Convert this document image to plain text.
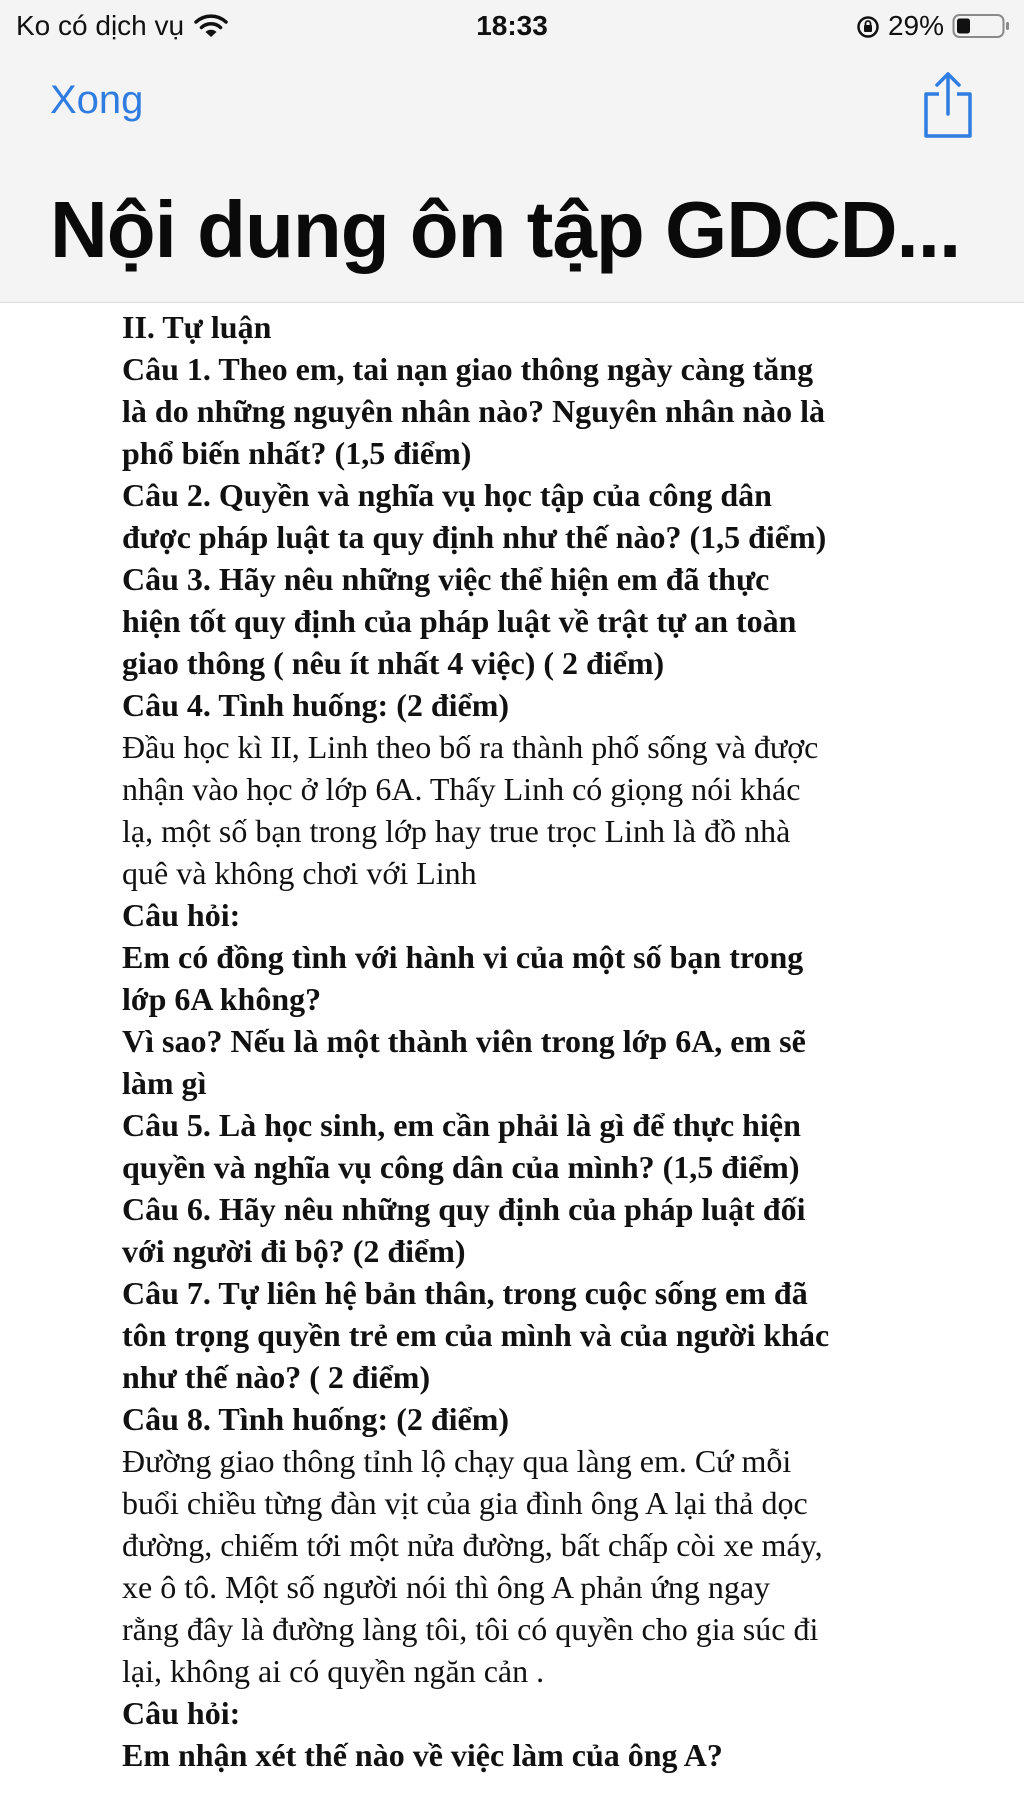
Ko có dịch vụ	18:33	29%
Xong
Nội dung ôn tập GDCD...
II. Tự luận
Câu 1. Theo em, tai nạn giao thông ngày càng tăng
là do những nguyên nhân nào? Nguyên nhân nào là
phổ biến nhất? (1,5 điểm)
Câu 2. Quyền và nghĩa vụ học tập của công dân
được pháp luật ta quy định như thế nào? (1,5 điểm)
Câu 3. Hãy nêu những việc thể hiện em đã thực
hiện tốt quy định của pháp luật về trật tự an toàn
giao thông ( nêu ít nhất 4 việc) ( 2 điểm)
Câu 4. Tình huống: (2 điểm)
Đầu học kì II, Linh theo bố ra thành phố sống và được
nhận vào học ở lớp 6A. Thấy Linh có giọng nói khác
lạ, một số bạn trong lớp hay true trọc Linh là đồ nhà
quê và không chơi với Linh
Câu hỏi:
Em có đồng tình với hành vi của một số bạn trong
lớp 6A không?
Vì sao? Nếu là một thành viên trong lớp 6A, em sẽ
làm gì
Câu 5. Là học sinh, em cần phải là gì để thực hiện
quyền và nghĩa vụ công dân của mình? (1,5 điểm)
Câu 6. Hãy nêu những quy định của pháp luật đối
với người đi bộ? (2 điểm)
Câu 7. Tự liên hệ bản thân, trong cuộc sống em đã
tôn trọng quyền trẻ em của mình và của người khác
như thế nào? ( 2 điểm)
Câu 8. Tình huống: (2 điểm)
Đường giao thông tỉnh lộ chạy qua làng em. Cứ mỗi
buổi chiều từng đàn vịt của gia đình ông A lại thả dọc
đường, chiếm tới một nửa đường, bất chấp còi xe máy,
xe ô tô. Một số người nói thì ông A phản ứng ngay
rằng đây là đường làng tôi, tôi có quyền cho gia súc đi
lại, không ai có quyền ngăn cản .
Câu hỏi:
Em nhận xét thế nào về việc làm của ông A?
